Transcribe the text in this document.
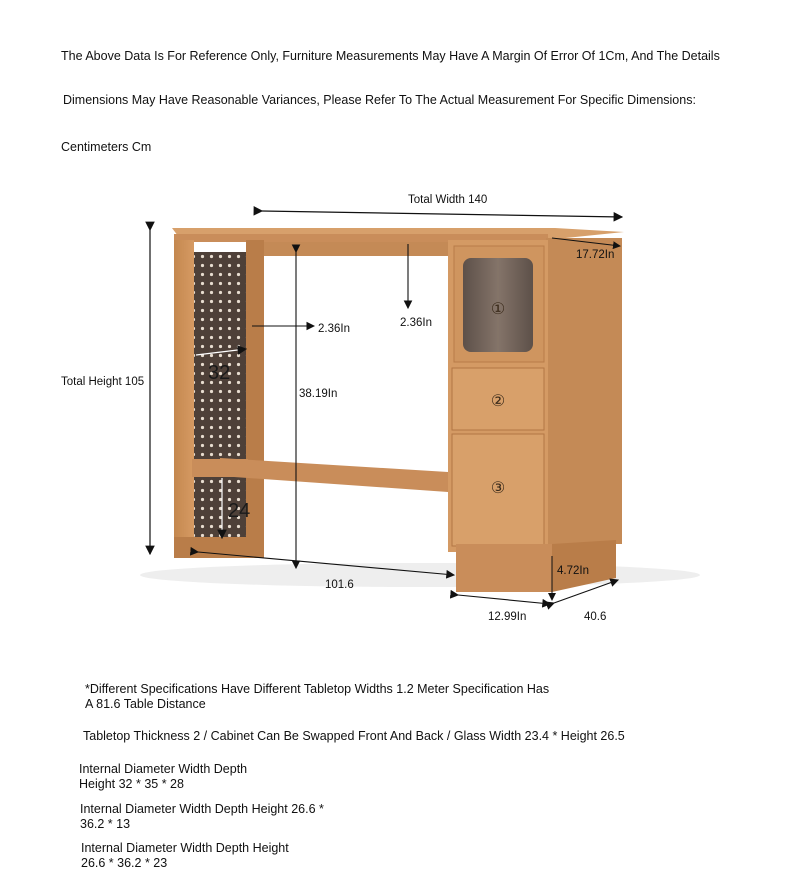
The Above Data Is For Reference Only, Furniture Measurements May Have A Margin Of Error Of 1Cm, And The Details
Dimensions May Have Reasonable Variances, Please Refer To The Actual Measurement For Specific Dimensions:
Centimeters Cm
①
②
③
Total Width 140
Total Height 105
17.72In
2.36In	2.36In
38.19In
32
24
101.6
4.72In
12.99In	40.6
*Different Specifications Have Different Tabletop Widths 1.2 Meter Specification Has A 81.6 Table Distance
Tabletop Thickness 2 / Cabinet Can Be Swapped Front And Back / Glass Width 23.4 * Height 26.5
Internal Diameter Width Depth Height 32 * 35 * 28
Internal Diameter Width Depth Height 26.6 * 36.2 * 13
Internal Diameter Width Depth Height 26.6 * 36.2 * 23
